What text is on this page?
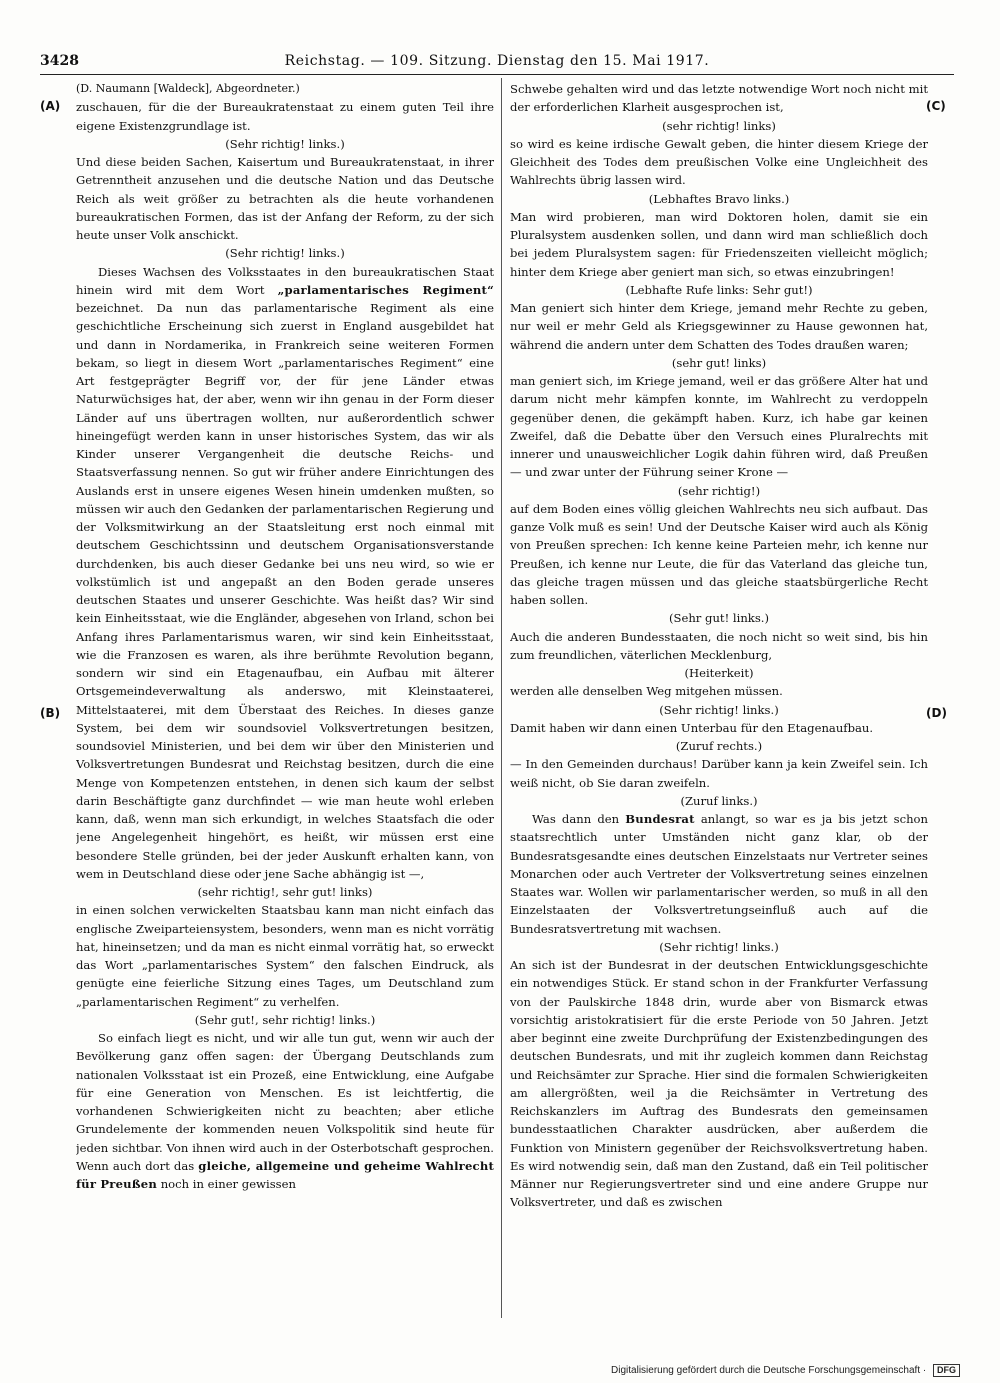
3428	Reichstag. — 109. Sitzung. Dienstag den 15. Mai 1917.
(A)
(B)
(C)
(D)

(D. Naumann [Waldeck], Abgeordneter.)

zuschauen, für die der Bureaukratenstaat zu einem guten Teil ihre eigene Existenzgrundlage ist.

(Sehr richtig! links.)

Und diese beiden Sachen, Kaisertum und Bureaukratenstaat, in ihrer Getrenntheit anzusehen und die deutsche Nation und das Deutsche Reich als weit größer zu betrachten als die heute vorhandenen bureaukratischen Formen, das ist der Anfang der Reform, zu der sich heute unser Volk anschickt.

(Sehr richtig! links.)

Dieses Wachsen des Volksstaates in den bureaukratischen Staat hinein wird mit dem Wort „parlamentarisches Regiment“ bezeichnet. Da nun das parlamentarische Regiment als eine geschichtliche Erscheinung sich zuerst in England ausgebildet hat und dann in Nordamerika, in Frankreich seine weiteren Formen bekam, so liegt in diesem Wort „parlamentarisches Regiment“ eine Art festgeprägter Begriff vor, der für jene Länder etwas Naturwüchsiges hat, der aber, wenn wir ihn genau in der Form dieser Länder auf uns übertragen wollten, nur außerordentlich schwer hineingefügt werden kann in unser historisches System, das wir als Kinder unserer Vergangenheit die deutsche Reichs- und Staatsverfassung nennen. So gut wir früher andere Einrichtungen des Auslands erst in unsere eigenes Wesen hinein umdenken mußten, so müssen wir auch den Gedanken der parlamentarischen Regierung und der Volksmitwirkung an der Staatsleitung erst noch einmal mit deutschem Geschichtssinn und deutschem Organisationsverstande durchdenken, bis auch dieser Gedanke bei uns neu wird, so wie er volkstümlich ist und angepaßt an den Boden gerade unseres deutschen Staates und unserer Geschichte. Was heißt das? Wir sind kein Einheitsstaat, wie die Engländer, abgesehen von Irland, schon bei Anfang ihres Parlamentarismus waren, wir sind kein Einheitsstaat, wie die Franzosen es waren, als ihre berühmte Revolution begann, sondern wir sind ein Etagenaufbau, ein Aufbau mit älterer Ortsgemeindeverwaltung als anderswo, mit Kleinstaaterei, Mittelstaaterei, mit dem Überstaat des Reiches. In dieses ganze System, bei dem wir soundsoviel Volksvertretungen besitzen, soundsoviel Ministerien, und bei dem wir über den Ministerien und Volksvertretungen Bundesrat und Reichstag besitzen, durch die eine Menge von Kompetenzen entstehen, in denen sich kaum der selbst darin Beschäftigte ganz durchfindet — wie man heute wohl erleben kann, daß, wenn man sich erkundigt, in welches Staatsfach die oder jene Angelegenheit hingehört, es heißt, wir müssen erst eine besondere Stelle gründen, bei der jeder Auskunft erhalten kann, von wem in Deutschland diese oder jene Sache abhängig ist —,

(sehr richtig!, sehr gut! links)

in einen solchen verwickelten Staatsbau kann man nicht einfach das englische Zweiparteiensystem, besonders, wenn man es nicht vorrätig hat, hineinsetzen; und da man es nicht einmal vorrätig hat, so erweckt das Wort „parlamentarisches System“ den falschen Eindruck, als genügte eine feierliche Sitzung eines Tages, um Deutschland zum „parlamentarischen Regiment“ zu verhelfen.

(Sehr gut!, sehr richtig! links.)

So einfach liegt es nicht, und wir alle tun gut, wenn wir auch der Bevölkerung ganz offen sagen: der Übergang Deutschlands zum nationalen Volksstaat ist ein Prozeß, eine Entwicklung, eine Aufgabe für eine Generation von Menschen. Es ist leichtfertig, die vorhandenen Schwierigkeiten nicht zu beachten; aber etliche Grundelemente der kommenden neuen Volkspolitik sind heute für jeden sichtbar. Von ihnen wird auch in der Osterbotschaft gesprochen. Wenn auch dort das gleiche, allgemeine und geheime Wahlrecht für Preußen noch in einer gewissen

Schwebe gehalten wird und das letzte notwendige Wort noch nicht mit der erforderlichen Klarheit ausgesprochen ist,

(sehr richtig! links)

so wird es keine irdische Gewalt geben, die hinter diesem Kriege der Gleichheit des Todes dem preußischen Volke eine Ungleichheit des Wahlrechts übrig lassen wird.

(Lebhaftes Bravo links.)

Man wird probieren, man wird Doktoren holen, damit sie ein Pluralsystem ausdenken sollen, und dann wird man schließlich doch bei jedem Pluralsystem sagen: für Friedenszeiten vielleicht möglich; hinter dem Kriege aber geniert man sich, so etwas einzubringen!

(Lebhafte Rufe links: Sehr gut!)

Man geniert sich hinter dem Kriege, jemand mehr Rechte zu geben, nur weil er mehr Geld als Kriegsgewinner zu Hause gewonnen hat, während die andern unter dem Schatten des Todes draußen waren;

(sehr gut! links)

man geniert sich, im Kriege jemand, weil er das größere Alter hat und darum nicht mehr kämpfen konnte, im Wahlrecht zu verdoppeln gegenüber denen, die gekämpft haben. Kurz, ich habe gar keinen Zweifel, daß die Debatte über den Versuch eines Pluralrechts mit innerer und unausweichlicher Logik dahin führen wird, daß Preußen — und zwar unter der Führung seiner Krone —

(sehr richtig!)

auf dem Boden eines völlig gleichen Wahlrechts neu sich aufbaut. Das ganze Volk muß es sein! Und der Deutsche Kaiser wird auch als König von Preußen sprechen: Ich kenne keine Parteien mehr, ich kenne nur Preußen, ich kenne nur Leute, die für das Vaterland das gleiche tun, das gleiche tragen müssen und das gleiche staatsbürgerliche Recht haben sollen.

(Sehr gut! links.)

Auch die anderen Bundesstaaten, die noch nicht so weit sind, bis hin zum freundlichen, väterlichen Mecklenburg,

(Heiterkeit)

werden alle denselben Weg mitgehen müssen.

(Sehr richtig! links.)

Damit haben wir dann einen Unterbau für den Etagenaufbau.

(Zuruf rechts.)

— In den Gemeinden durchaus! Darüber kann ja kein Zweifel sein. Ich weiß nicht, ob Sie daran zweifeln.

(Zuruf links.)

Was dann den Bundesrat anlangt, so war es ja bis jetzt schon staatsrechtlich unter Umständen nicht ganz klar, ob der Bundesratsgesandte eines deutschen Einzelstaats nur Vertreter seines Monarchen oder auch Vertreter der Volksvertretung seines einzelnen Staates war. Wollen wir parlamentarischer werden, so muß in all den Einzelstaaten der Volksvertretungseinfluß auch auf die Bundesratsvertretung mit wachsen.

(Sehr richtig! links.)

An sich ist der Bundesrat in der deutschen Entwicklungsgeschichte ein notwendiges Stück. Er stand schon in der Frankfurter Verfassung von der Paulskirche 1848 drin, wurde aber von Bismarck etwas vorsichtig aristokratisiert für die erste Periode von 50 Jahren. Jetzt aber beginnt eine zweite Durchprüfung der Existenzbedingungen des deutschen Bundesrats, und mit ihr zugleich kommen dann Reichstag und Reichsämter zur Sprache. Hier sind die formalen Schwierigkeiten am allergrößten, weil ja die Reichsämter in Vertretung des Reichskanzlers im Auftrag des Bundesrats den gemeinsamen bundesstaatlichen Charakter ausdrücken, aber außerdem die Funktion von Ministern gegenüber der Reichsvolksvertretung haben. Es wird notwendig sein, daß man den Zustand, daß ein Teil politischer Männer nur Regierungsvertreter sind und eine andere Gruppe nur Volksvertreter, und daß es zwischen

Digitalisierung gefördert durch die Deutsche Forschungsgemeinschaft · DFG
